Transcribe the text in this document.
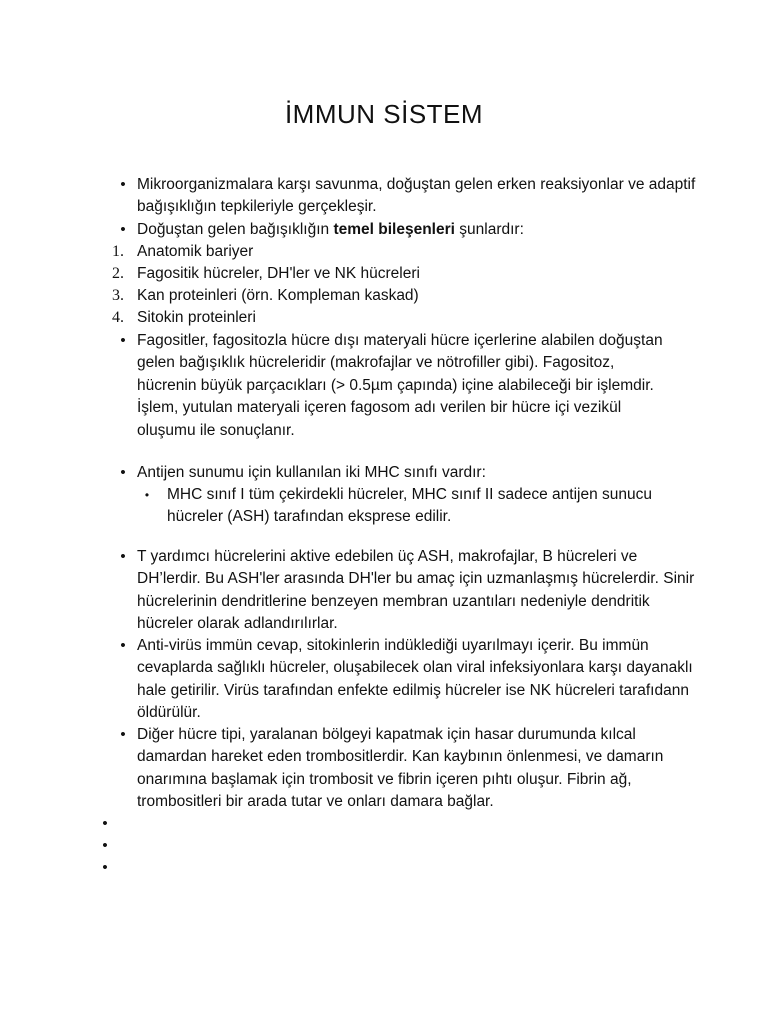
İMMUN SİSTEM
• Mikroorganizmalara karşı savunma, doğuştan gelen erken reaksiyonlar ve adaptif bağışıklığın tepkileriyle gerçekleşir.
• Doğuştan gelen bağışıklığın temel bileşenleri şunlardır:
1. Anatomik bariyer
2. Fagositik hücreler, DH'ler ve NK hücreleri
3. Kan proteinleri (örn. Kompleman kaskad)
4. Sitokin proteinleri
• Fagositler, fagositozla hücre dışı materyali hücre içerlerine alabilen doğuştan gelen bağışıklık hücreleridir (makrofajlar ve nötrofiller gibi). Fagositoz, hücrenin büyük parçacıkları (> 0.5µm çapında) içine alabileceği bir işlemdir. İşlem, yutulan materyali içeren fagosom adı verilen bir hücre içi vezikül oluşumu ile sonuçlanır.
• Antijen sunumu için kullanılan iki MHC sınıfı vardır:
•	MHC sınıf I tüm çekirdekli hücreler, MHC sınıf II sadece antijen sunucu hücreler (ASH) tarafından eksprese edilir.
• T yardımcı hücrelerini aktive edebilen üç ASH, makrofajlar, B hücreleri ve DH’lerdir. Bu ASH'ler arasında DH'ler bu amaç için uzmanlaşmış hücrelerdir. Sinir hücrelerinin dendritlerine benzeyen membran uzantıları nedeniyle dendritik hücreler olarak adlandırılırlar.
• Anti-virüs immün cevap, sitokinlerin indüklediği uyarılmayı içerir. Bu immün cevaplarda sağlıklı hücreler, oluşabilecek olan viral infeksiyonlara karşı dayanaklı hale getirilir. Virüs tarafından enfekte edilmiş hücreler ise NK hücreleri tarafıdann öldürülür.
• Diğer hücre tipi, yaralanan bölgeyi kapatmak için hasar durumunda kılcal damardan hareket eden trombositlerdir. Kan kaybının önlenmesi, ve damarın onarımına başlamak için trombosit ve fibrin içeren pıhtı oluşur. Fibrin ağ, trombositleri bir arada tutar ve onları damara bağlar.
•
•
•
